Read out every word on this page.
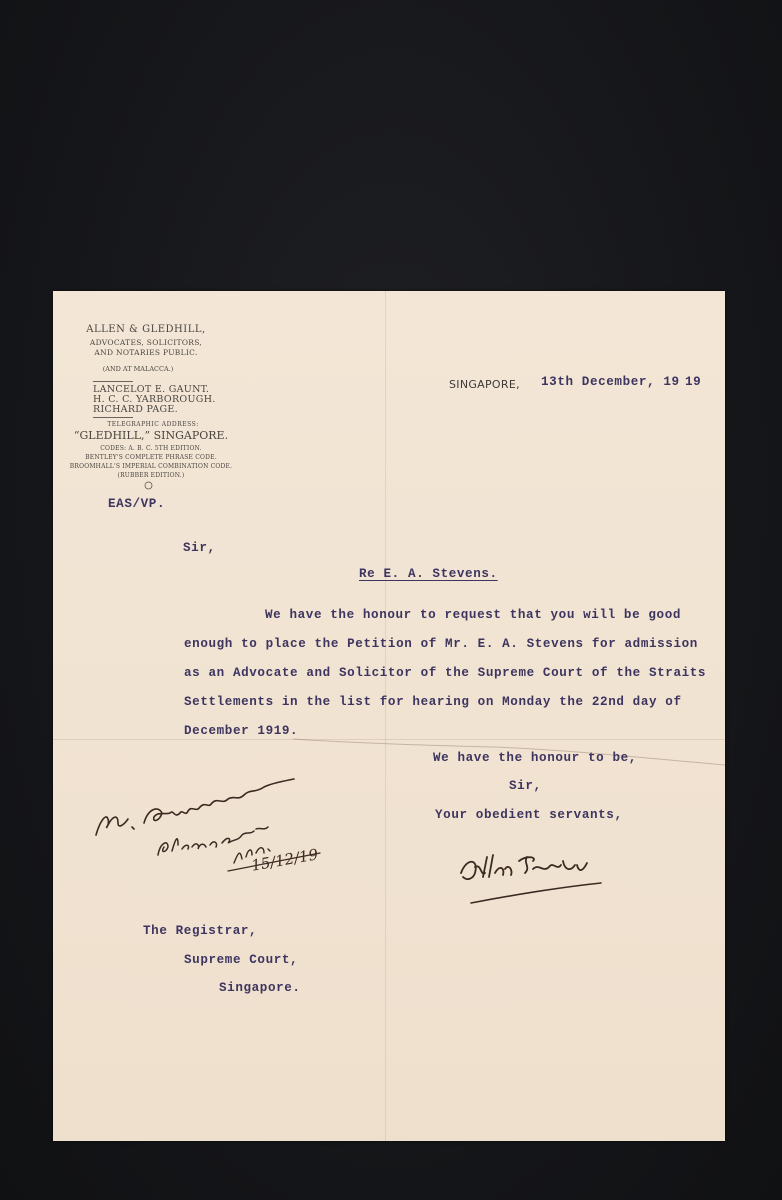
ALLEN & GLEDHILL,
ADVOCATES, SOLICITORS,
AND NOTARIES PUBLIC.
(AND AT MALACCA.)
LANCELOT E. GAUNT.
H. C. C. YARBOROUGH.
RICHARD PAGE.
TELEGRAPHIC ADDRESS:
“GLEDHILL,” SINGAPORE.
CODES: A. B. C. 5TH EDITION.
BENTLEY'S COMPLETE PHRASE CODE.
BROOMHALL'S IMPERIAL COMBINATION CODE.
(RUBBER EDITION.)
EAS/VP.
SINGAPORE, 13th December, 19 19
Sir,
Re E. A. Stevens.
We have the honour to request that you will be good
enough to place the Petition of Mr. E. A. Stevens for admission
as an Advocate and Solicitor of the Supreme Court of the Straits
Settlements in the list for hearing on Monday the 22nd day of
December 1919.
We have the honour to be,
Sir,
Your obedient servants,
15/12/19
The Registrar,
Supreme Court,
Singapore.
